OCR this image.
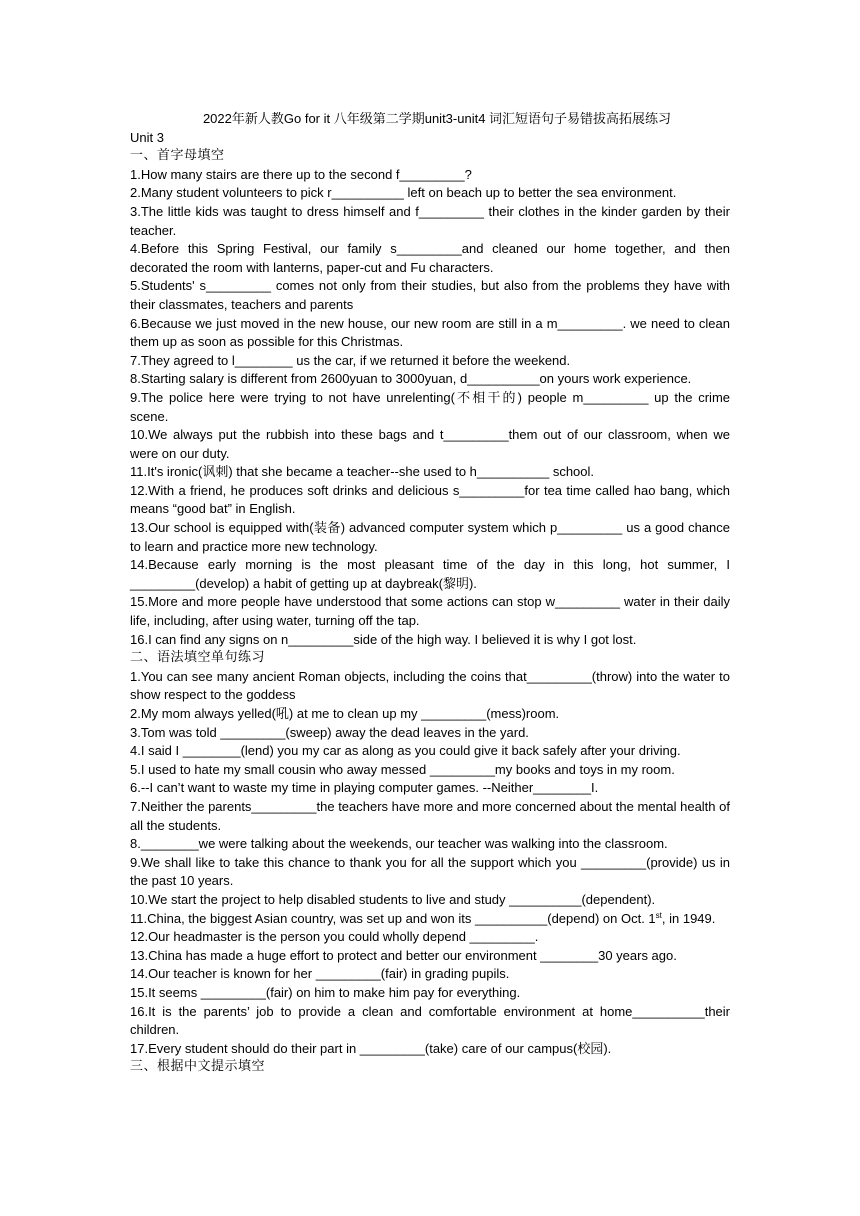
2022年新人教Go for it 八年级第二学期unit3-unit4 词汇短语句子易错拔高拓展练习

Unit 3

一、首字母填空

1.How many stairs are there up to the second f_________?
2.Many student volunteers to pick r__________ left on beach up to better the sea environment.
3.The little kids was taught to dress himself and f_________ their clothes in the kinder garden by their teacher.
4.Before this Spring Festival, our family s_________and cleaned our home together, and then decorated the room with lanterns, paper-cut and Fu characters.
5.Students' s_________ comes not only from their studies, but also from the problems they have with their classmates, teachers and parents
6.Because we just moved in the new house, our new room are still in a m_________. we need to clean them up as soon as possible for this Christmas.
7.They agreed to l________ us the car, if we returned it before the weekend.
8.Starting salary is different from 2600yuan to 3000yuan, d__________on yours work experience.
9.The police here were trying to not have unrelenting(不相干的) people m_________ up the crime scene.
10.We always put the rubbish into these bags and t_________them out of our classroom, when we were on our duty.
11.It's ironic(讽刺) that she became a teacher--she used to h__________ school.
12.With a friend, he produces soft drinks and delicious s_________for tea time called hao bang, which means “good bat” in English.
13.Our school is equipped with(装备) advanced computer system which p_________ us a good chance to learn and practice more new technology.
14.Because early morning is the most pleasant time of the day in this long, hot summer, I _________(develop) a habit of getting up at daybreak(黎明).
15.More and more people have understood that some actions can stop w_________ water in their daily life, including, after using water, turning off the tap.
16.I can find any signs on n_________side of the high way. I believed it is why I got lost.

二、语法填空单句练习

1.You can see many ancient Roman objects, including the coins that_________(throw) into the water to show respect to the goddess
2.My mom always yelled(吼) at me to clean up my _________(mess)room.
3.Tom was told _________(sweep) away the dead leaves in the yard.
4.I said I ________(lend) you my car as along as you could give it back safely after your driving.
5.I used to hate my small cousin who away messed _________my books and toys in my room.
6.--I can’t want to waste my time in playing computer games. --Neither________I.
7.Neither the parents_________the teachers have more and more concerned about the mental health of all the students.
8.________we were talking about the weekends, our teacher was walking into the classroom.
9.We shall like to take this chance to thank you for all the support which you _________(provide) us in the past 10 years.
10.We start the project to help disabled students to live and study __________(dependent).
11.China, the biggest Asian country, was set up and won its __________(depend) on Oct. 1st, in 1949.
12.Our headmaster is the person you could wholly depend _________.
13.China has made a huge effort to protect and better our environment ________30 years ago.
14.Our teacher is known for her _________(fair) in grading pupils.
15.It seems _________(fair) on him to make him pay for everything.
16.It is the parents’ job to provide a clean and comfortable environment at home__________their children.
17.Every student should do their part in _________(take) care of our campus(校园).

三、根据中文提示填空
